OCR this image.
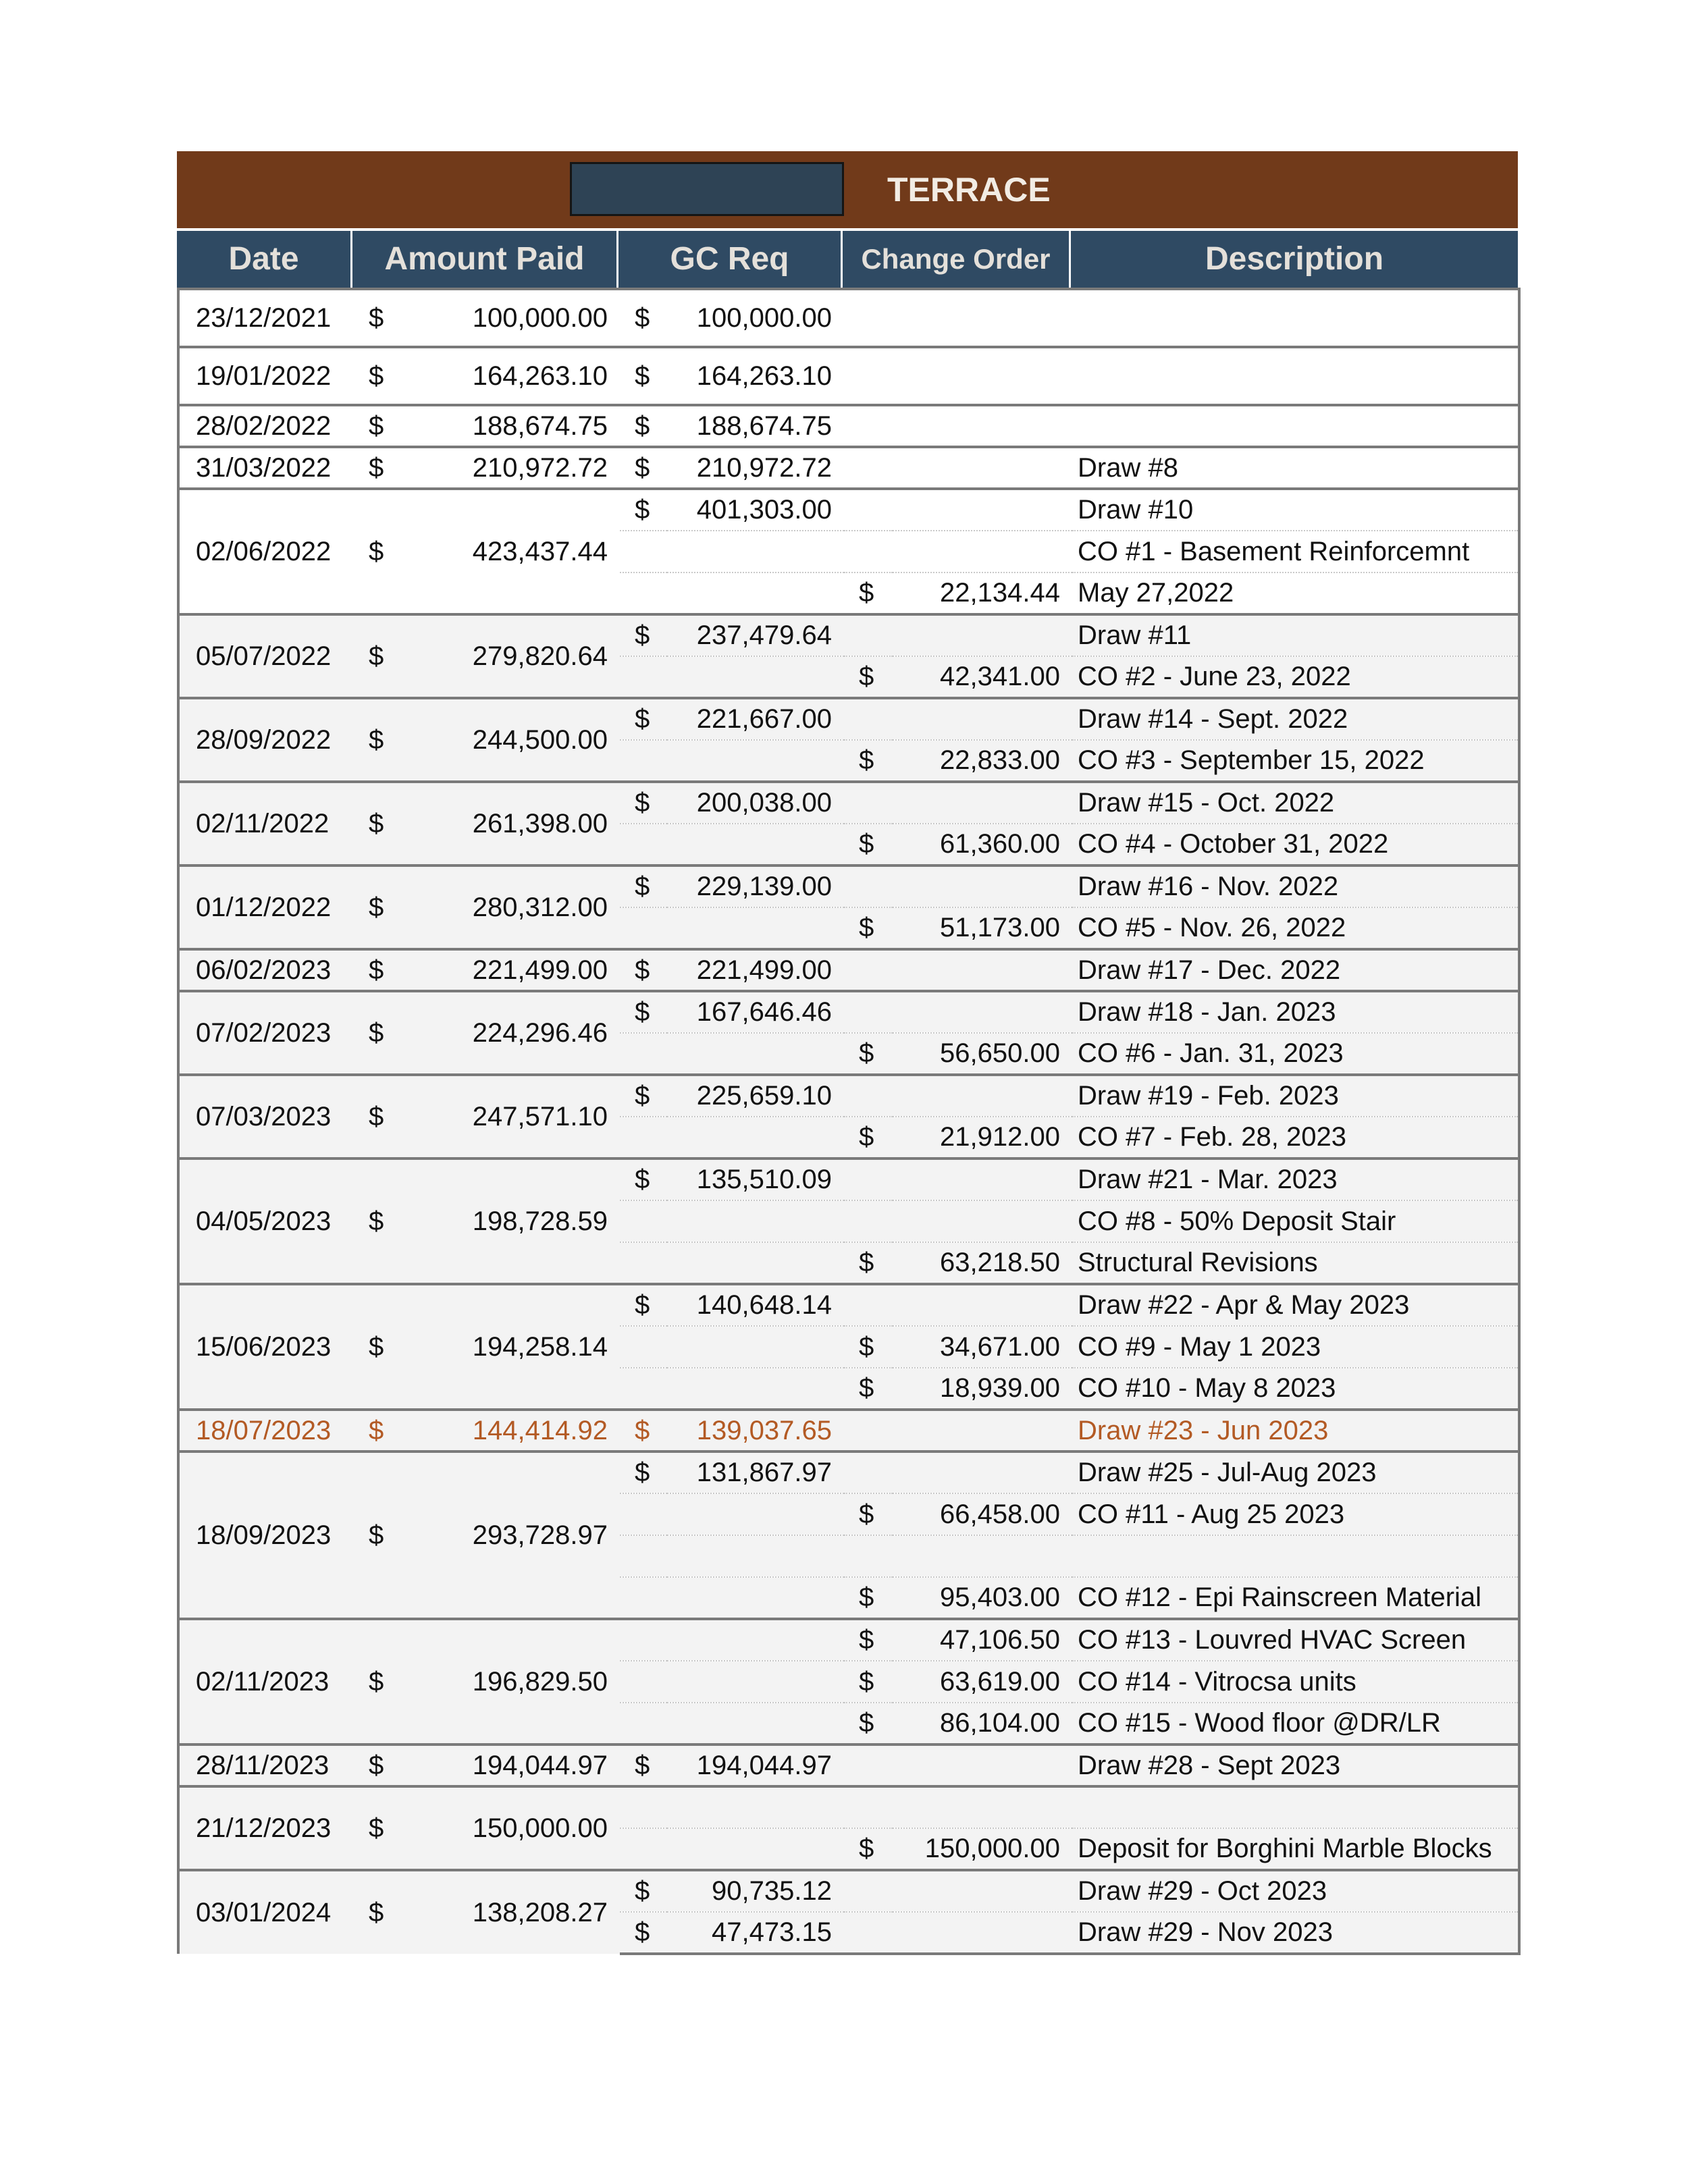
TERRACE
Date	Amount Paid	GC Req	Change Order	Description
23/12/2021	$	100,000.00	$	100,000.00			
19/01/2022	$	164,263.10	$	164,263.10			
28/02/2022	$	188,674.75	$	188,674.75			
31/03/2022	$	210,972.72	$	210,972.72			Draw #8
02/06/2022	$	423,437.44	$	401,303.00			Draw #10
							CO #1 - Basement Reinforcemnt
					$	22,134.44	May 27,2022
05/07/2022	$	279,820.64	$	237,479.64			Draw #11
					$	42,341.00	CO #2 - June 23, 2022
28/09/2022	$	244,500.00	$	221,667.00			Draw #14 - Sept. 2022
					$	22,833.00	CO #3 - September 15, 2022
02/11/2022	$	261,398.00	$	200,038.00			Draw #15 - Oct. 2022
					$	61,360.00	CO #4 - October 31, 2022
01/12/2022	$	280,312.00	$	229,139.00			Draw #16 - Nov. 2022
					$	51,173.00	CO #5 - Nov. 26, 2022
06/02/2023	$	221,499.00	$	221,499.00			Draw #17 - Dec. 2022
07/02/2023	$	224,296.46	$	167,646.46			Draw #18 - Jan. 2023
					$	56,650.00	CO #6 - Jan. 31, 2023
07/03/2023	$	247,571.10	$	225,659.10			Draw #19 - Feb. 2023
					$	21,912.00	CO #7 - Feb. 28, 2023
04/05/2023	$	198,728.59	$	135,510.09			Draw #21 - Mar. 2023
							CO #8 - 50% Deposit Stair
					$	63,218.50	Structural Revisions
15/06/2023	$	194,258.14	$	140,648.14			Draw #22 - Apr & May 2023
					$	34,671.00	CO #9 - May 1 2023
					$	18,939.00	CO #10 - May 8 2023
18/07/2023	$	144,414.92	$	139,037.65			Draw #23 - Jun 2023
18/09/2023	$	293,728.97	$	131,867.97			Draw #25 - Jul-Aug 2023
					$	66,458.00	CO #11 - Aug 25 2023

					$	95,403.00	CO #12 - Epi Rainscreen Material
02/11/2023	$	196,829.50			$	47,106.50	CO #13 - Louvred HVAC Screen
					$	63,619.00	CO #14 - Vitrocsa units
					$	86,104.00	CO #15 - Wood floor @DR/LR
28/11/2023	$	194,044.97	$	194,044.97			Draw #28 - Sept 2023
21/12/2023	$	150,000.00					
					$	150,000.00	Deposit for Borghini Marble Blocks
03/01/2024	$	138,208.27	$	90,735.12			Draw #29 - Oct 2023
			$	47,473.15			Draw #29 - Nov 2023
